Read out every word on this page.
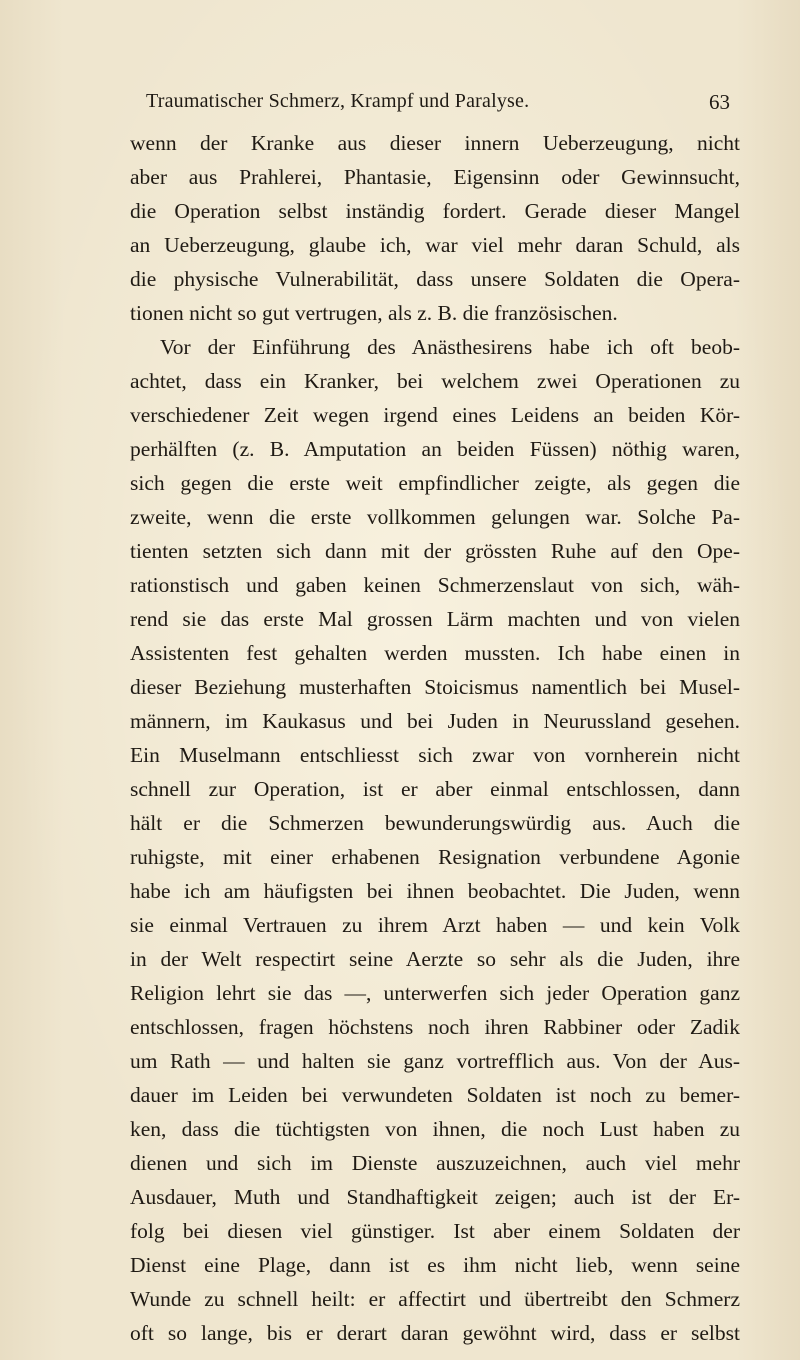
Traumatischer Schmerz, Krampf und Paralyse.	63
wenn der Kranke aus dieser innern Ueberzeugung, nicht
aber aus Prahlerei, Phantasie, Eigensinn oder Gewinnsucht,
die Operation selbst inständig fordert. Gerade dieser Mangel
an Ueberzeugung, glaube ich, war viel mehr daran Schuld, als
die physische Vulnerabilität, dass unsere Soldaten die Opera-
tionen nicht so gut vertrugen, als z. B. die französischen.
Vor der Einführung des Anästhesirens habe ich oft beob-
achtet, dass ein Kranker, bei welchem zwei Operationen zu
verschiedener Zeit wegen irgend eines Leidens an beiden Kör-
perhälften (z. B. Amputation an beiden Füssen) nöthig waren,
sich gegen die erste weit empfindlicher zeigte, als gegen die
zweite, wenn die erste vollkommen gelungen war. Solche Pa-
tienten setzten sich dann mit der grössten Ruhe auf den Ope-
rationstisch und gaben keinen Schmerzenslaut von sich, wäh-
rend sie das erste Mal grossen Lärm machten und von vielen
Assistenten fest gehalten werden mussten. Ich habe einen in
dieser Beziehung musterhaften Stoicismus namentlich bei Musel-
männern, im Kaukasus und bei Juden in Neurussland gesehen.
Ein Muselmann entschliesst sich zwar von vornherein nicht
schnell zur Operation, ist er aber einmal entschlossen, dann
hält er die Schmerzen bewunderungswürdig aus. Auch die
ruhigste, mit einer erhabenen Resignation verbundene Agonie
habe ich am häufigsten bei ihnen beobachtet. Die Juden, wenn
sie einmal Vertrauen zu ihrem Arzt haben — und kein Volk
in der Welt respectirt seine Aerzte so sehr als die Juden, ihre
Religion lehrt sie das —, unterwerfen sich jeder Operation ganz
entschlossen, fragen höchstens noch ihren Rabbiner oder Zadik
um Rath — und halten sie ganz vortrefflich aus. Von der Aus-
dauer im Leiden bei verwundeten Soldaten ist noch zu bemer-
ken, dass die tüchtigsten von ihnen, die noch Lust haben zu
dienen und sich im Dienste auszuzeichnen, auch viel mehr
Ausdauer, Muth und Standhaftigkeit zeigen; auch ist der Er-
folg bei diesen viel günstiger. Ist aber einem Soldaten der
Dienst eine Plage, dann ist es ihm nicht lieb, wenn seine
Wunde zu schnell heilt: er affectirt und übertreibt den Schmerz
oft so lange, bis er derart daran gewöhnt wird, dass er selbst
